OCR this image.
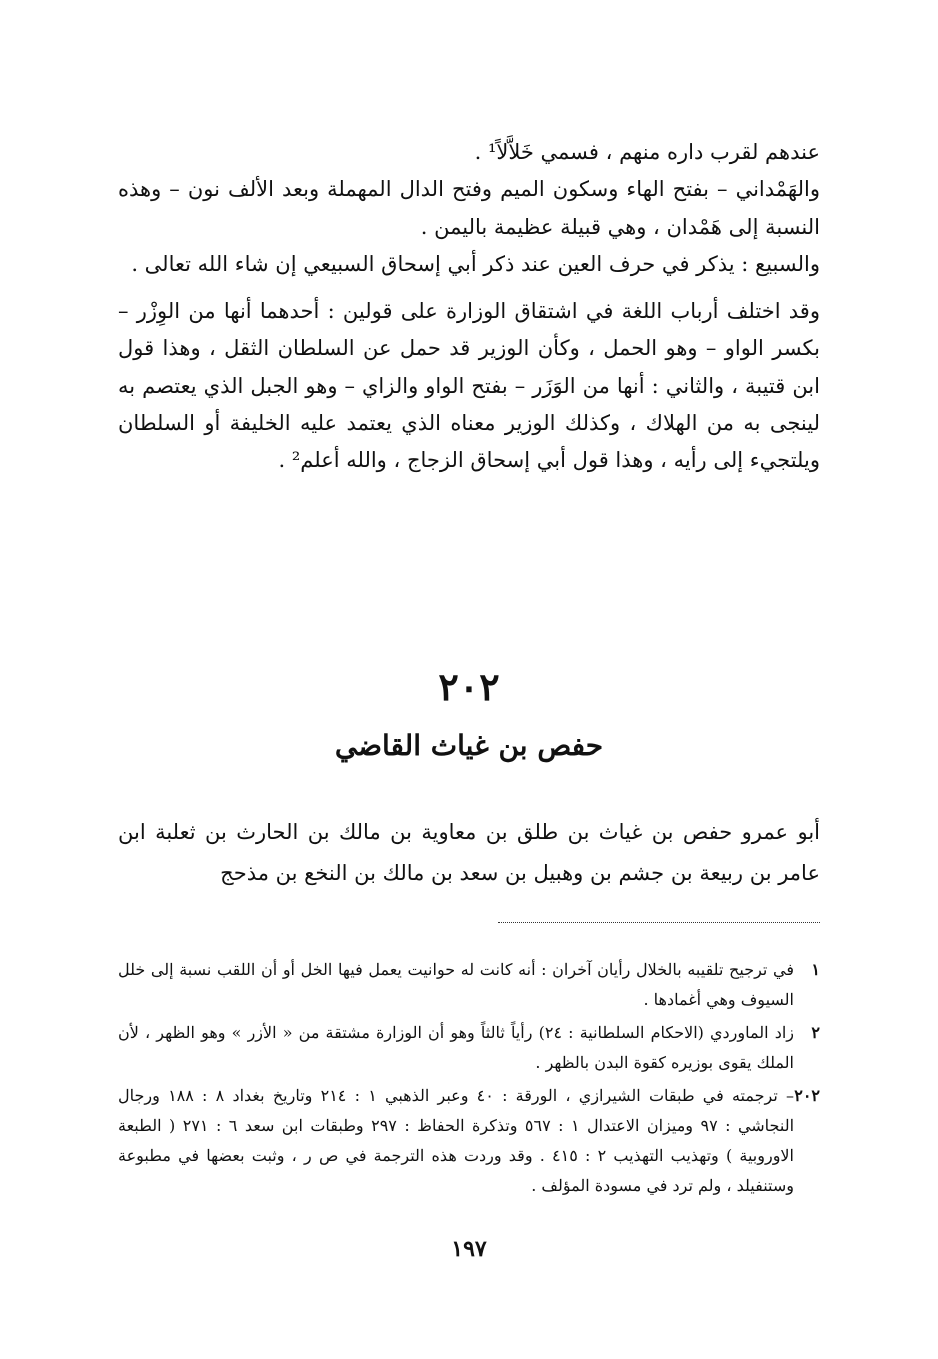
عندهم لقرب داره منهم ، فسمي خَلاَّلاً¹ .

والهَمْداني – بفتح الهاء وسكون الميم وفتح الدال المهملة وبعد الألف نون – وهذه النسبة إلى هَمْدان ، وهي قبيلة عظيمة باليمن .

والسبيع : يذكر في حرف العين عند ذكر أبي إسحاق السبيعي إن شاء الله تعالى .

وقد اختلف أرباب اللغة في اشتقاق الوزارة على قولين : أحدهما أنها من الوِزْر – بكسر الواو – وهو الحمل ، وكأن الوزير قد حمل عن السلطان الثقل ، وهذا قول ابن قتيبة ، والثاني : أنها من الوَزَر – بفتح الواو والزاي – وهو الجبل الذي يعتصم به لينجى به من الهلاك ، وكذلك الوزير معناه الذي يعتمد عليه الخليفة أو السلطان ويلتجيء إلى رأيه ، وهذا قول أبي إسحاق الزجاج ، والله أعلم² .

٢٠٢
حفص بن غياث القاضي

أبو عمرو حفص بن غياث بن طلق بن معاوية بن مالك بن الحارث بن ثعلبة ابن عامر بن ربيعة بن جشم بن وهبيل بن سعد بن مالك بن النخع بن مذحج

١
في ترجيح تلقيبه بالخلال رأيان آخران : أنه كانت له حوانيت يعمل فيها الخل أو أن اللقب نسبة إلى خلل السيوف وهي أغمادها .
٢
زاد الماوردي (الاحكام السلطانية : ٢٤) رأياً ثالثاً وهو أن الوزارة مشتقة من « الأزر » وهو الظهر ، لأن الملك يقوى بوزيره كقوة البدن بالظهر .
٢٠٢
– ترجمته في طبقات الشيرازي ، الورقة : ٤٠ وعبر الذهبي ١ : ٢١٤ وتاريخ بغداد ٨ : ١٨٨ ورجال النجاشي : ٩٧ وميزان الاعتدال ١ : ٥٦٧ وتذكرة الحفاظ : ٢٩٧ وطبقات ابن سعد ٦ : ٢٧١ ( الطبعة الاوروبية ) وتهذيب التهذيب ٢ : ٤١٥ . وقد وردت هذه الترجمة في ص ر ، وثبت بعضها في مطبوعة وستنفيلد ، ولم ترد في مسودة المؤلف .
١٩٧
